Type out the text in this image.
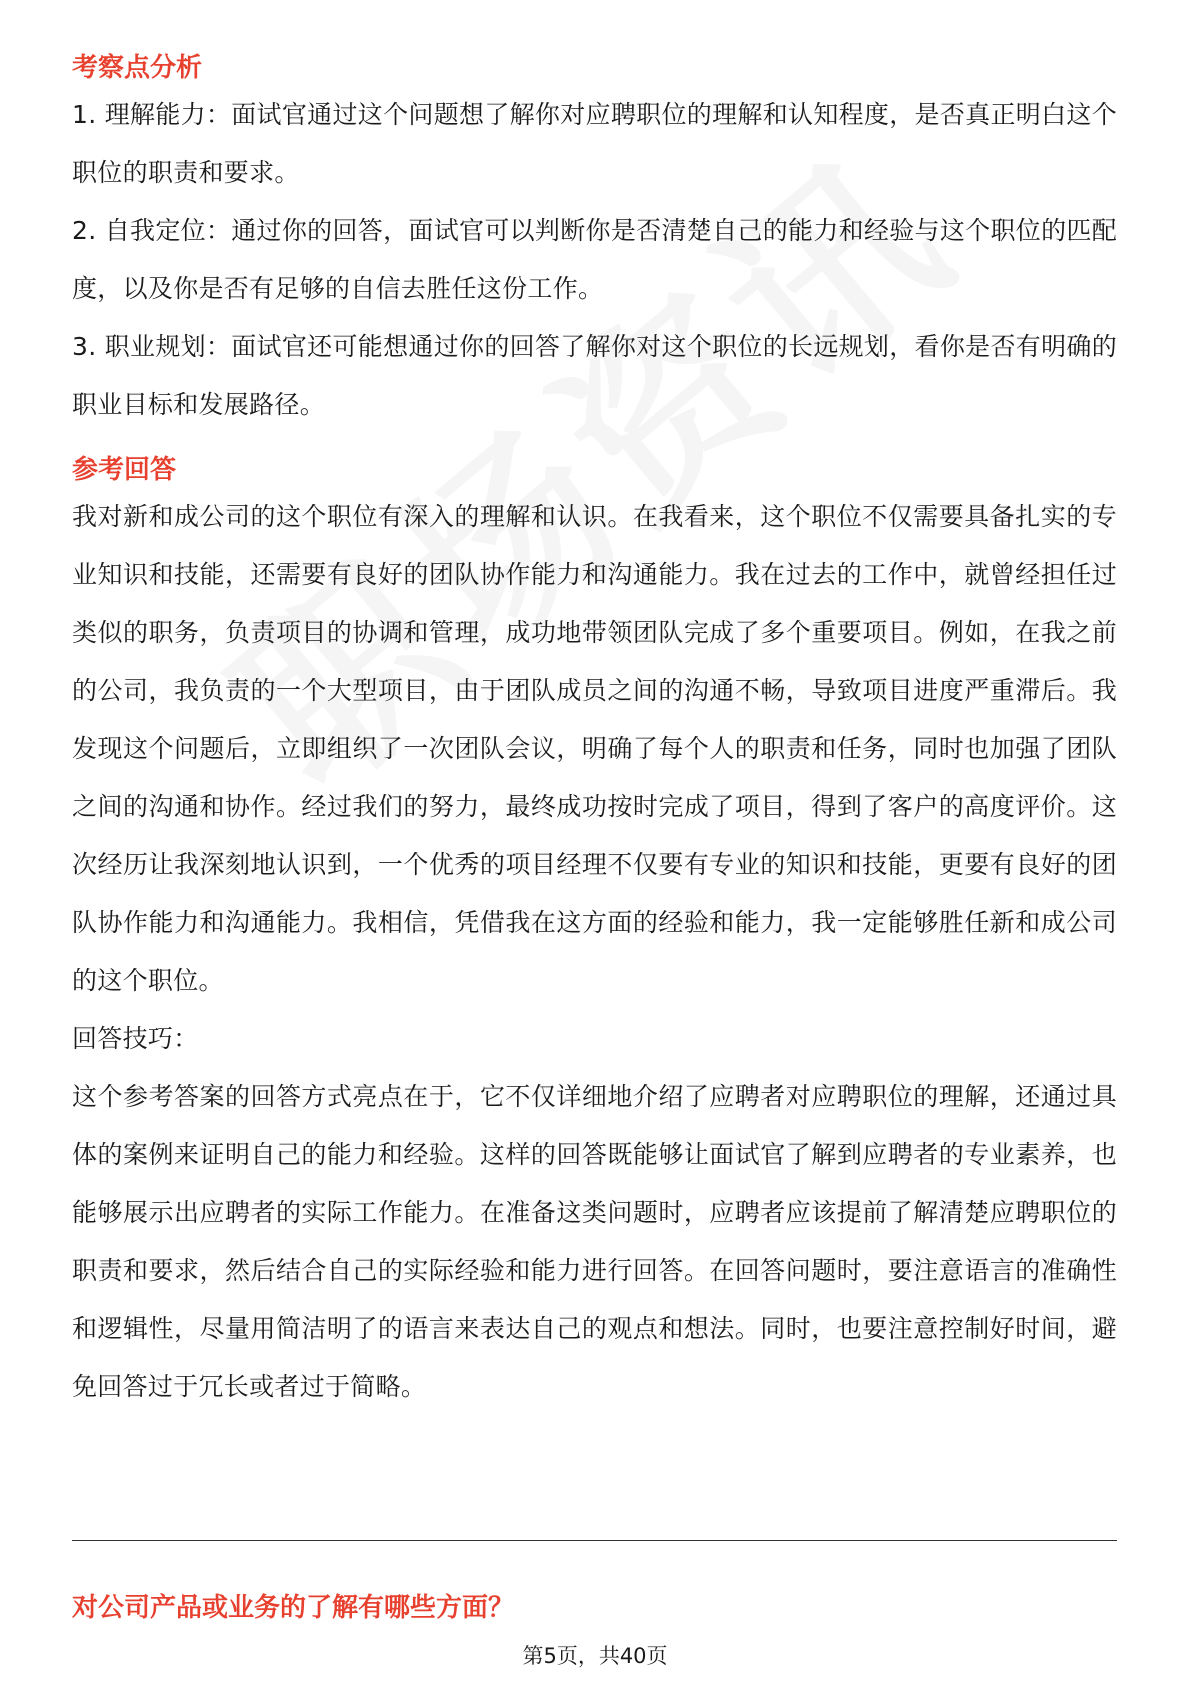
考察点分析

1. 理解能力：面试官通过这个问题想了解你对应聘职位的理解和认知程度，是否真正明白这个职位的职责和要求。

2. 自我定位：通过你的回答，面试官可以判断你是否清楚自己的能力和经验与这个职位的匹配度，以及你是否有足够的自信去胜任这份工作。

3. 职业规划：面试官还可能想通过你的回答了解你对这个职位的长远规划，看你是否有明确的职业目标和发展路径。

参考回答

我对新和成公司的这个职位有深入的理解和认识。在我看来，这个职位不仅需要具备扎实的专业知识和技能，还需要有良好的团队协作能力和沟通能力。我在过去的工作中，就曾经担任过类似的职务，负责项目的协调和管理，成功地带领团队完成了多个重要项目。例如，在我之前的公司，我负责的一个大型项目，由于团队成员之间的沟通不畅，导致项目进度严重滞后。我发现这个问题后，立即组织了一次团队会议，明确了每个人的职责和任务，同时也加强了团队之间的沟通和协作。经过我们的努力，最终成功按时完成了项目，得到了客户的高度评价。这次经历让我深刻地认识到，一个优秀的项目经理不仅要有专业的知识和技能，更要有良好的团队协作能力和沟通能力。我相信，凭借我在这方面的经验和能力，我一定能够胜任新和成公司的这个职位。

回答技巧：

这个参考答案的回答方式亮点在于，它不仅详细地介绍了应聘者对应聘职位的理解，还通过具体的案例来证明自己的能力和经验。这样的回答既能够让面试官了解到应聘者的专业素养，也能够展示出应聘者的实际工作能力。在准备这类问题时，应聘者应该提前了解清楚应聘职位的职责和要求，然后结合自己的实际经验和能力进行回答。在回答问题时，要注意语言的准确性和逻辑性，尽量用简洁明了的语言来表达自己的观点和想法。同时，也要注意控制好时间，避免回答过于冗长或者过于简略。

对公司产品或业务的了解有哪些方面？
第5页，共40页
